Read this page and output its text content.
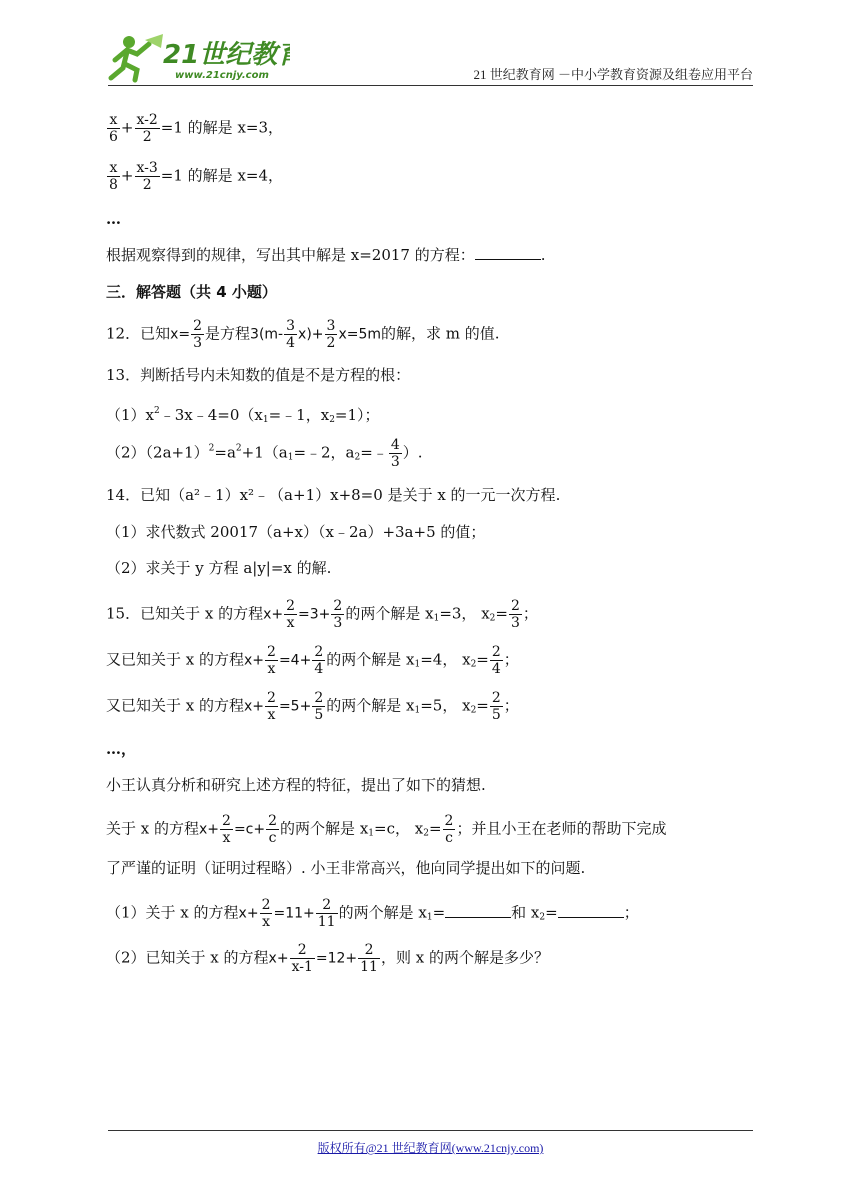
21世纪教育
www.21cnjy.com	21 世纪教育网 －中小学教育资源及组卷应用平台
$\frac{x}{6} + \frac{x-2}{2} =1$ 的解是 x=3，
$\frac{x}{8} + \frac{x-3}{2} =1$ 的解是 x=4，
…
根据观察得到的规律，写出其中解是 x=2017 的方程：	.
三．解答题（共 4 小题）
12．已知$x= \frac{2}{3}$ 是方程$3(m- \frac{3}{4} x)+ \frac{3}{2} x=5m$的解，求 m 的值.
13．判断括号内未知数的值是不是方程的根：
$(1)x^2﹣3x﹣4=0(x_1=﹣1$，$x_2=1$）；
$(2)(2a+1)^2=a^2+1(a_1=﹣2$，$a_2=﹣ \frac{4}{3}$ ）.
14．已知（a²﹣1）x²﹣（a+1）x+8=0 是关于 x 的一元一次方程.
（1）求代数式 20017（a+x）（x﹣2a）+3a+5 的值；
（2）求关于 y 方程 a|y|=x 的解.
15．已知关于 x 的方程$x+ \frac{2}{x} =3+ \frac{2}{3}$ 的两个解是 $x_1=3$， $x_2= \frac{2}{3}$ ；
又已知关于 x 的方程$x+ \frac{2}{x} =4+ \frac{2}{4}$ 的两个解是 $x_1=4$， $x_2= \frac{2}{4}$ ；
又已知关于 x 的方程$x+ \frac{2}{x} =5+ \frac{2}{5}$ 的两个解是 $x_1=5$， $x_2= \frac{2}{5}$ ；
…，
小王认真分析和研究上述方程的特征，提出了如下的猜想.
关于 x 的方程$x+ \frac{2}{x} =c+ \frac{2}{c}$ 的两个解是 $x_1=c$， $x_2= \frac{2}{c}$ ；并且小王在老师的帮助下完成
了严谨的证明（证明过程略）. 小王非常高兴，他向同学提出如下的问题.
（1）关于 x 的方程$x+ \frac{2}{x} =11+ \frac{2}{11}$ 的两个解是 $x_1=$	和 $x_2=$	；
（2）已知关于 x 的方程$x+ \frac{2}{x-1} =12+ \frac{2}{11}$ ，则 x 的两个解是多少？
版权所有@21 世纪教育网(www.21cnjy.com)
